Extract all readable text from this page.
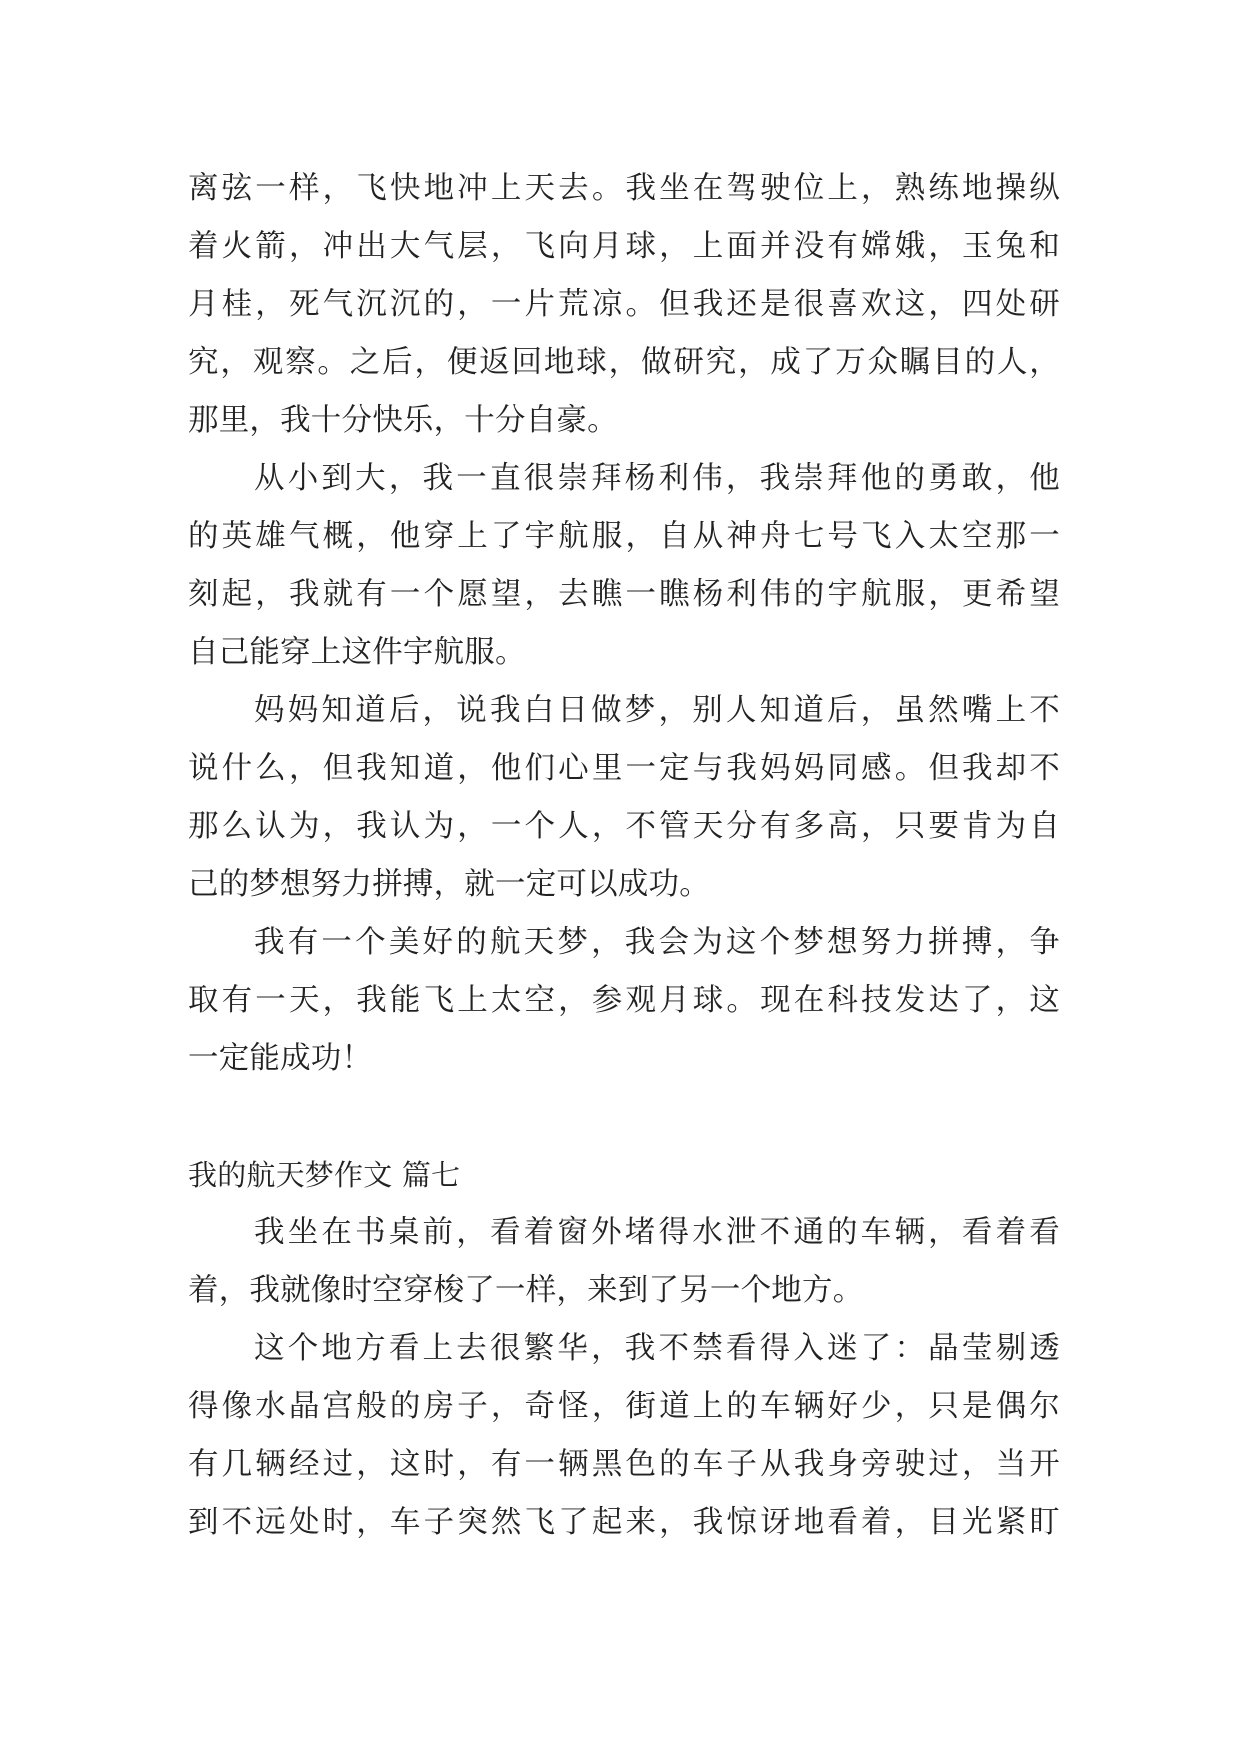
离弦一样，飞快地冲上天去。我坐在驾驶位上，熟练地操纵
着火箭，冲出大气层，飞向月球，上面并没有嫦娥，玉兔和
月桂，死气沉沉的，一片荒凉。但我还是很喜欢这，四处研
究，观察。之后，便返回地球，做研究，成了万众瞩目的人，
那里，我十分快乐，十分自豪。
从小到大，我一直很崇拜杨利伟，我崇拜他的勇敢，他
的英雄气概，他穿上了宇航服，自从神舟七号飞入太空那一
刻起，我就有一个愿望，去瞧一瞧杨利伟的宇航服，更希望
自己能穿上这件宇航服。
妈妈知道后，说我白日做梦，别人知道后，虽然嘴上不
说什么，但我知道，他们心里一定与我妈妈同感。但我却不
那么认为，我认为，一个人，不管天分有多高，只要肯为自
己的梦想努力拼搏，就一定可以成功。
我有一个美好的航天梦，我会为这个梦想努力拼搏，争
取有一天，我能飞上太空，参观月球。现在科技发达了，这
一定能成功！
我的航天梦作文 篇七
我坐在书桌前，看着窗外堵得水泄不通的车辆，看着看
着，我就像时空穿梭了一样，来到了另一个地方。
这个地方看上去很繁华，我不禁看得入迷了：晶莹剔透
得像水晶宫般的房子，奇怪，街道上的车辆好少，只是偶尔
有几辆经过，这时，有一辆黑色的车子从我身旁驶过，当开
到不远处时，车子突然飞了起来，我惊讶地看着，目光紧盯
